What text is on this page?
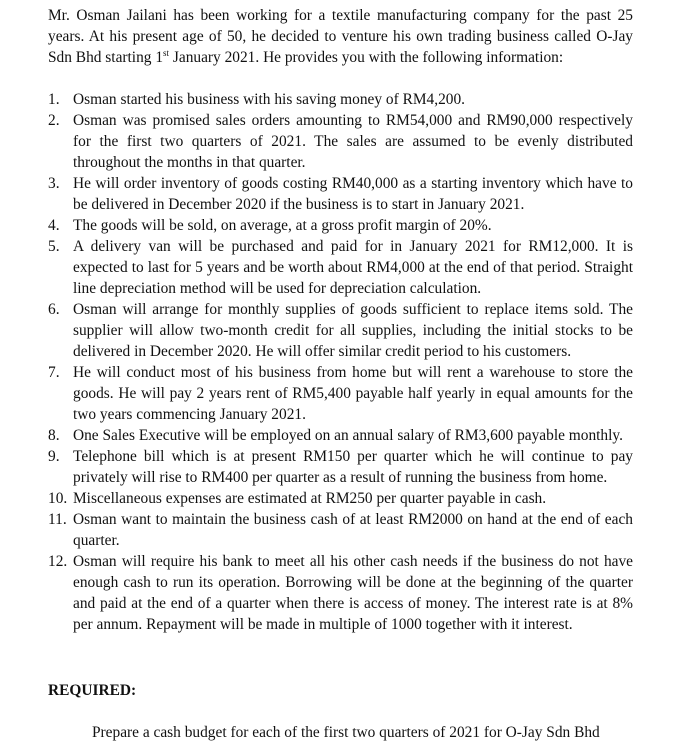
Mr. Osman Jailani has been working for a textile manufacturing company for the past 25 years. At his present age of 50, he decided to venture his own trading business called O-Jay Sdn Bhd starting 1st January 2021. He provides you with the following information:

1. Osman started his business with his saving money of RM4,200.
2. Osman was promised sales orders amounting to RM54,000 and RM90,000 respectively for the first two quarters of 2021. The sales are assumed to be evenly distributed throughout the months in that quarter.
3. He will order inventory of goods costing RM40,000 as a starting inventory which have to be delivered in December 2020 if the business is to start in January 2021.
4. The goods will be sold, on average, at a gross profit margin of 20%.
5. A delivery van will be purchased and paid for in January 2021 for RM12,000. It is expected to last for 5 years and be worth about RM4,000 at the end of that period. Straight line depreciation method will be used for depreciation calculation.
6. Osman will arrange for monthly supplies of goods sufficient to replace items sold. The supplier will allow two-month credit for all supplies, including the initial stocks to be delivered in December 2020. He will offer similar credit period to his customers.
7. He will conduct most of his business from home but will rent a warehouse to store the goods. He will pay 2 years rent of RM5,400 payable half yearly in equal amounts for the two years commencing January 2021.
8. One Sales Executive will be employed on an annual salary of RM3,600 payable monthly.
9. Telephone bill which is at present RM150 per quarter which he will continue to pay privately will rise to RM400 per quarter as a result of running the business from home.
10. Miscellaneous expenses are estimated at RM250 per quarter payable in cash.
11. Osman want to maintain the business cash of at least RM2000 on hand at the end of each quarter.
12. Osman will require his bank to meet all his other cash needs if the business do not have enough cash to run its operation. Borrowing will be done at the beginning of the quarter and paid at the end of a quarter when there is access of money. The interest rate is at 8% per annum. Repayment will be made in multiple of 1000 together with it interest.

REQUIRED:

Prepare a cash budget for each of the first two quarters of 2021 for O-Jay Sdn Bhd
